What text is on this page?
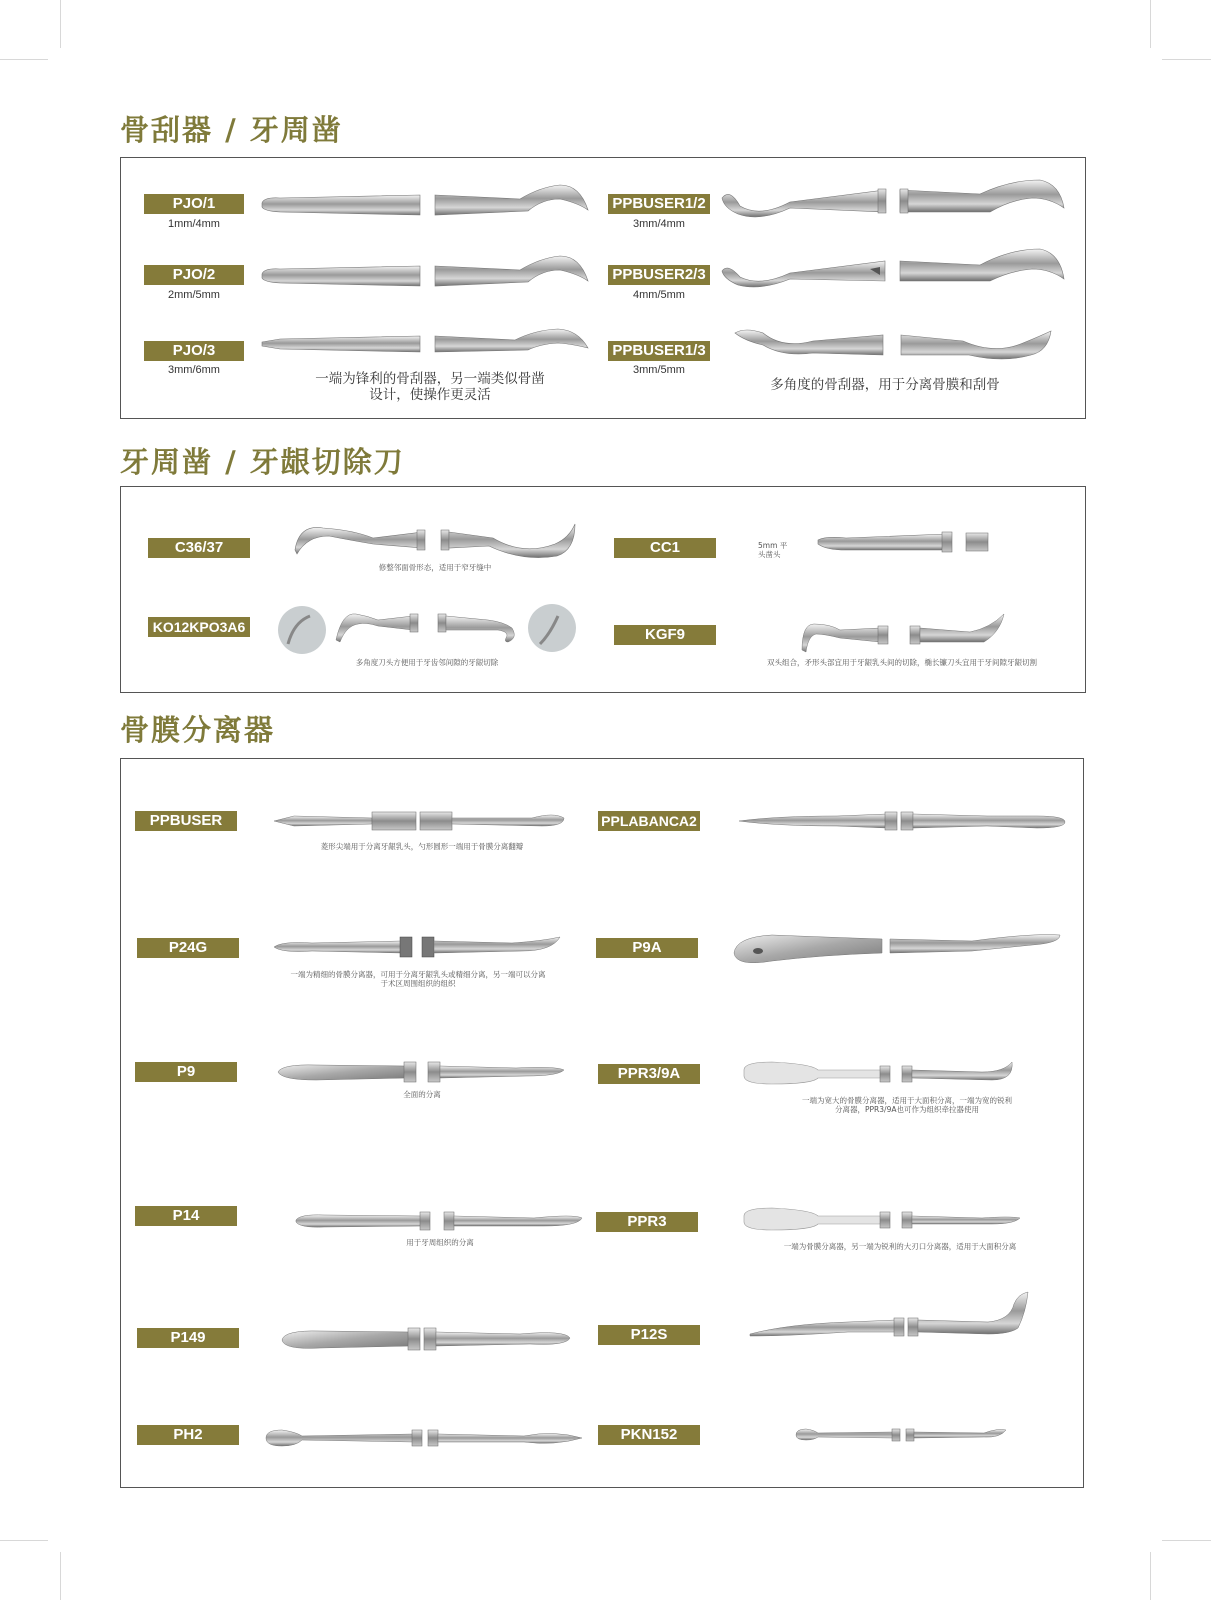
骨刮器 / 牙周凿
PJO/1
1mm/4mm
PJO/2
2mm/5mm
PJO/3
3mm/6mm
一端为锋利的骨刮器，另一端类似骨凿设计，使操作更灵活
PPBUSER1/2
3mm/4mm
PPBUSER2/3
4mm/5mm
PPBUSER1/3
3mm/5mm
多角度的骨刮器，用于分离骨膜和刮骨
牙周凿 / 牙龈切除刀
C36/37
修整邻面骨形态，适用于窄牙缝中
CC1	5mm 平头凿头
KO12KPO3A6
多角度刀头方便用于牙齿邻间隙的牙龈切除
KGF9
双头组合，矛形头部宜用于牙龈乳头间的切除，椭长镰刀头宜用于牙间隙牙龈切割
骨膜分离器
PPBUSER
菱形尖端用于分离牙龈乳头，勺形圆形一端用于骨膜分离翻瓣
PPLABANCA2
P24G
一端为精细的骨膜分离器，可用于分离牙龈乳头或精细分离，另一端可以分离于术区周围组织的组织
P9A
P9
全面的分离
PPR3/9A
一端为宽大的骨膜分离器，适用于大面积分离，一端为宽的锐利分离器，PPR3/9A也可作为组织牵拉器使用
P14
用于牙周组织的分离
PPR3
一端为骨膜分离器，另一端为锐利的大刃口分离器，适用于大面积分离
P149	P12S
PH2	PKN152
